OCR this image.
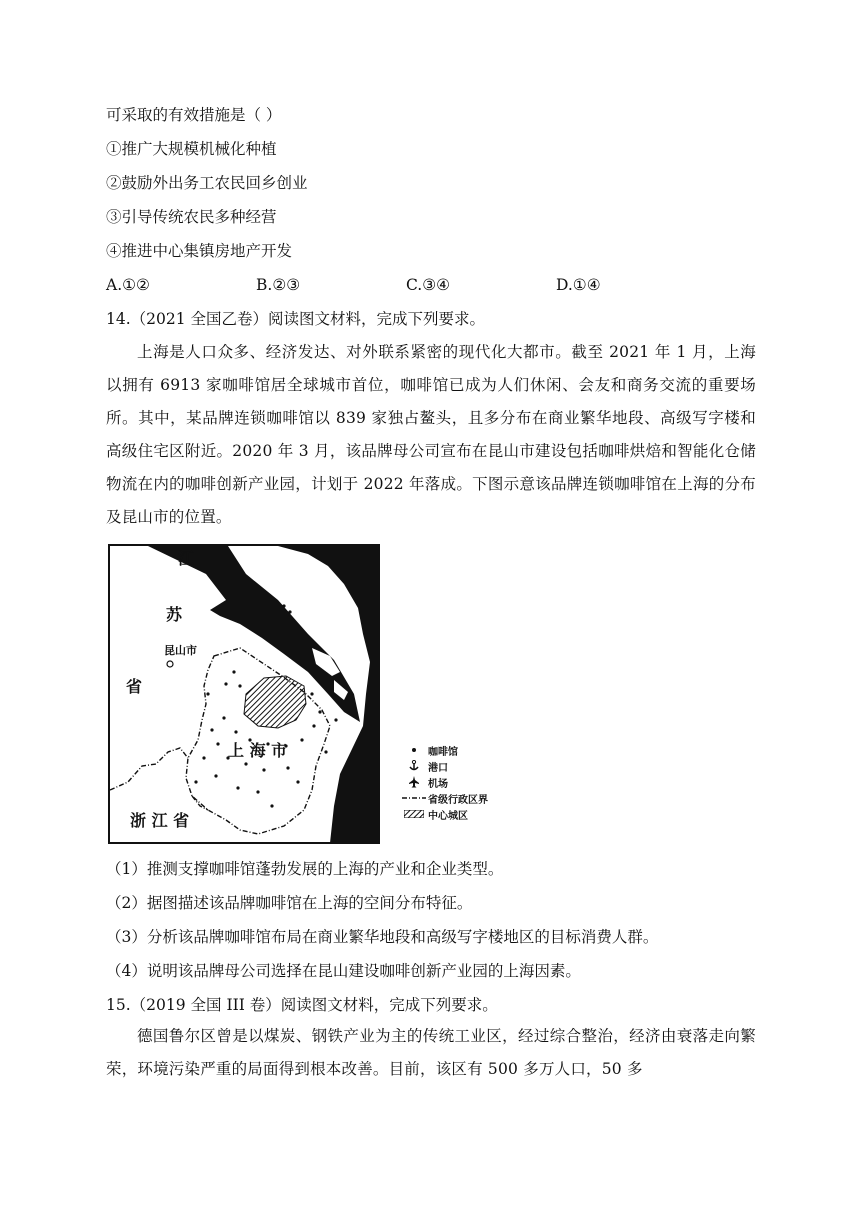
可采取的有效措施是（ ）
①推广大规模机械化种植
②鼓励外出务工农民回乡创业
③引导传统农民多种经营
④推进中心集镇房地产开发
A.①②	B.②③	C.③④	D.①④
14.（2021 全国乙卷）阅读图文材料，完成下列要求。
上海是人口众多、经济发达、对外联系紧密的现代化大都市。截至 2021 年 1 月，上海以拥有 6913 家咖啡馆居全球城市首位，咖啡馆已成为人们休闲、会友和商务交流的重要场所。其中，某品牌连锁咖啡馆以 839 家独占鳌头，且多分布在商业繁华地段、高级写字楼和高级住宅区附近。2020 年 3 月，该品牌母公司宣布在昆山市建设包括咖啡烘焙和智能化仓储物流在内的咖啡创新产业园，计划于 2022 年落成。下图示意该品牌连锁咖啡馆在上海的分布及昆山市的位置。
江
苏
昆山市
省
上 海 市
浙 江 省
咖啡馆
港口
机场
省级行政区界
中心城区
（1）推测支撑咖啡馆蓬勃发展的上海的产业和企业类型。
（2）据图描述该品牌咖啡馆在上海的空间分布特征。
（3）分析该品牌咖啡馆布局在商业繁华地段和高级写字楼地区的目标消费人群。
（4）说明该品牌母公司选择在昆山建设咖啡创新产业园的上海因素。
15.（2019 全国 III 卷）阅读图文材料，完成下列要求。
德国鲁尔区曾是以煤炭、钢铁产业为主的传统工业区，经过综合整治，经济由衰落走向繁荣，环境污染严重的局面得到根本改善。目前，该区有 500 多万人口，50 多
